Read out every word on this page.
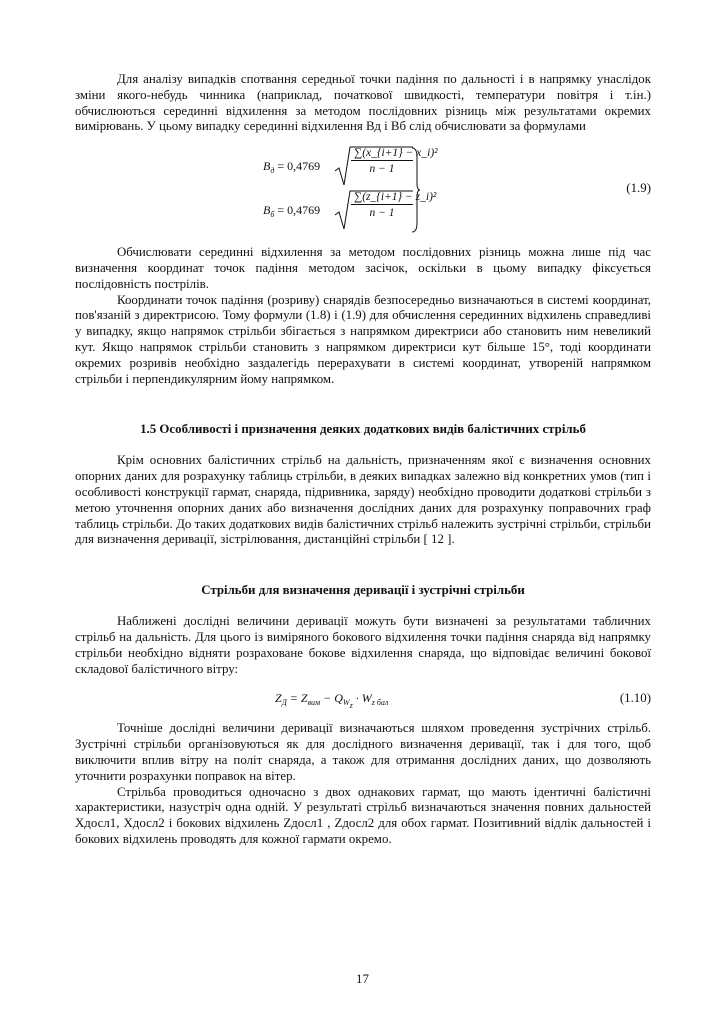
Для аналізу випадків спотвання середньої точки падіння по дальності і в напрямку унаслідок зміни якого-небудь чинника (наприклад, початкової швидкості, температури повітря і т.ін.) обчислюються серединні відхилення за методом послідовних різниць між результатами окремих вимірювань. У цьому випадку серединні відхилення Вд і Вб слід обчислювати за формулами

$B_д = 0,4769$	$\frac{\text{∑(x\_\{i+1\} − x\_i)²}}{n - 1}$
$B_б = 0,4769$	$\frac{\text{∑(z\_\{i+1\} − z\_i)²}}{n - 1}$
(1.9)

Обчислювати серединні відхилення за методом послідовних різниць можна лише під час визначення координат точок падіння методом засічок, оскільки в цьому випадку фіксується послідовність пострілів.

Координати точок падіння (розриву) снарядів безпосередньо визначаються в системі координат, пов'язаній з директрисою. Тому формули (1.8) і (1.9) для обчислення серединних відхилень справедливі у випадку, якщо напрямок стрільби збігається з напрямком директриси або становить ним невеликий кут. Якщо напрямок стрільби становить з напрямком директриси кут більше 15°, тоді координати окремих розривів необхідно заздалегідь перерахувати в системі координат, утвореній напрямком стрільби і перпендикулярним йому напрямком.

1.5 Особливості і призначення деяких додаткових видів балістичних стрільб

Крім основних балістичних стрільб на дальність, призначенням якої є визначення основних опорних даних для розрахунку таблиць стрільби, в деяких випадках залежно від конкретних умов (тип і особливості конструкції гармат, снаряда, підривника, заряду) необхідно проводити додаткові стрільби з метою уточнення опорних даних або визначення дослідних даних для розрахунку поправочних граф таблиць стрільби. До таких додаткових видів балістичних стрільб належить зустрічні стрільби, стрільби для визначення деривації, зістрілювання, дистанційні стрільби [ 12 ].

Стрільби для визначення деривації і зустрічні стрільби

Наближені дослідні величини деривації можуть бути визначені за результатами табличних стрільб на дальність. Для цього із виміряного бокового відхилення точки падіння снаряда від напрямку стрільби необхідно відняти розраховане бокове відхилення снаряда, що відповідає величині бокової складової балістичного вітру:

$Z_Д = Z_{вим} - Q_{W_z} \cdot W_{z бал}$	(1.10)

Точніше дослідні величини деривації визначаються шляхом проведення зустрічних стрільб. Зустрічні стрільби організовуються як для дослідного визначення деривації, так і для того, щоб виключити вплив вітру на політ снаряда, а також для отримання дослідних даних, що дозволяють уточнити розрахунки поправок на вітер.

Стрільба проводиться одночасно з двох однакових гармат, що мають ідентичні балістичні характеристики, назустріч одна одній. У результаті стрільб визначаються значення повних дальностей Xдосл1, Xдосл2 і бокових відхилень Zдосл1 , Zдосл2 для обох гармат. Позитивний відлік дальностей і бокових відхилень проводять для кожної гармати окремо.

17
